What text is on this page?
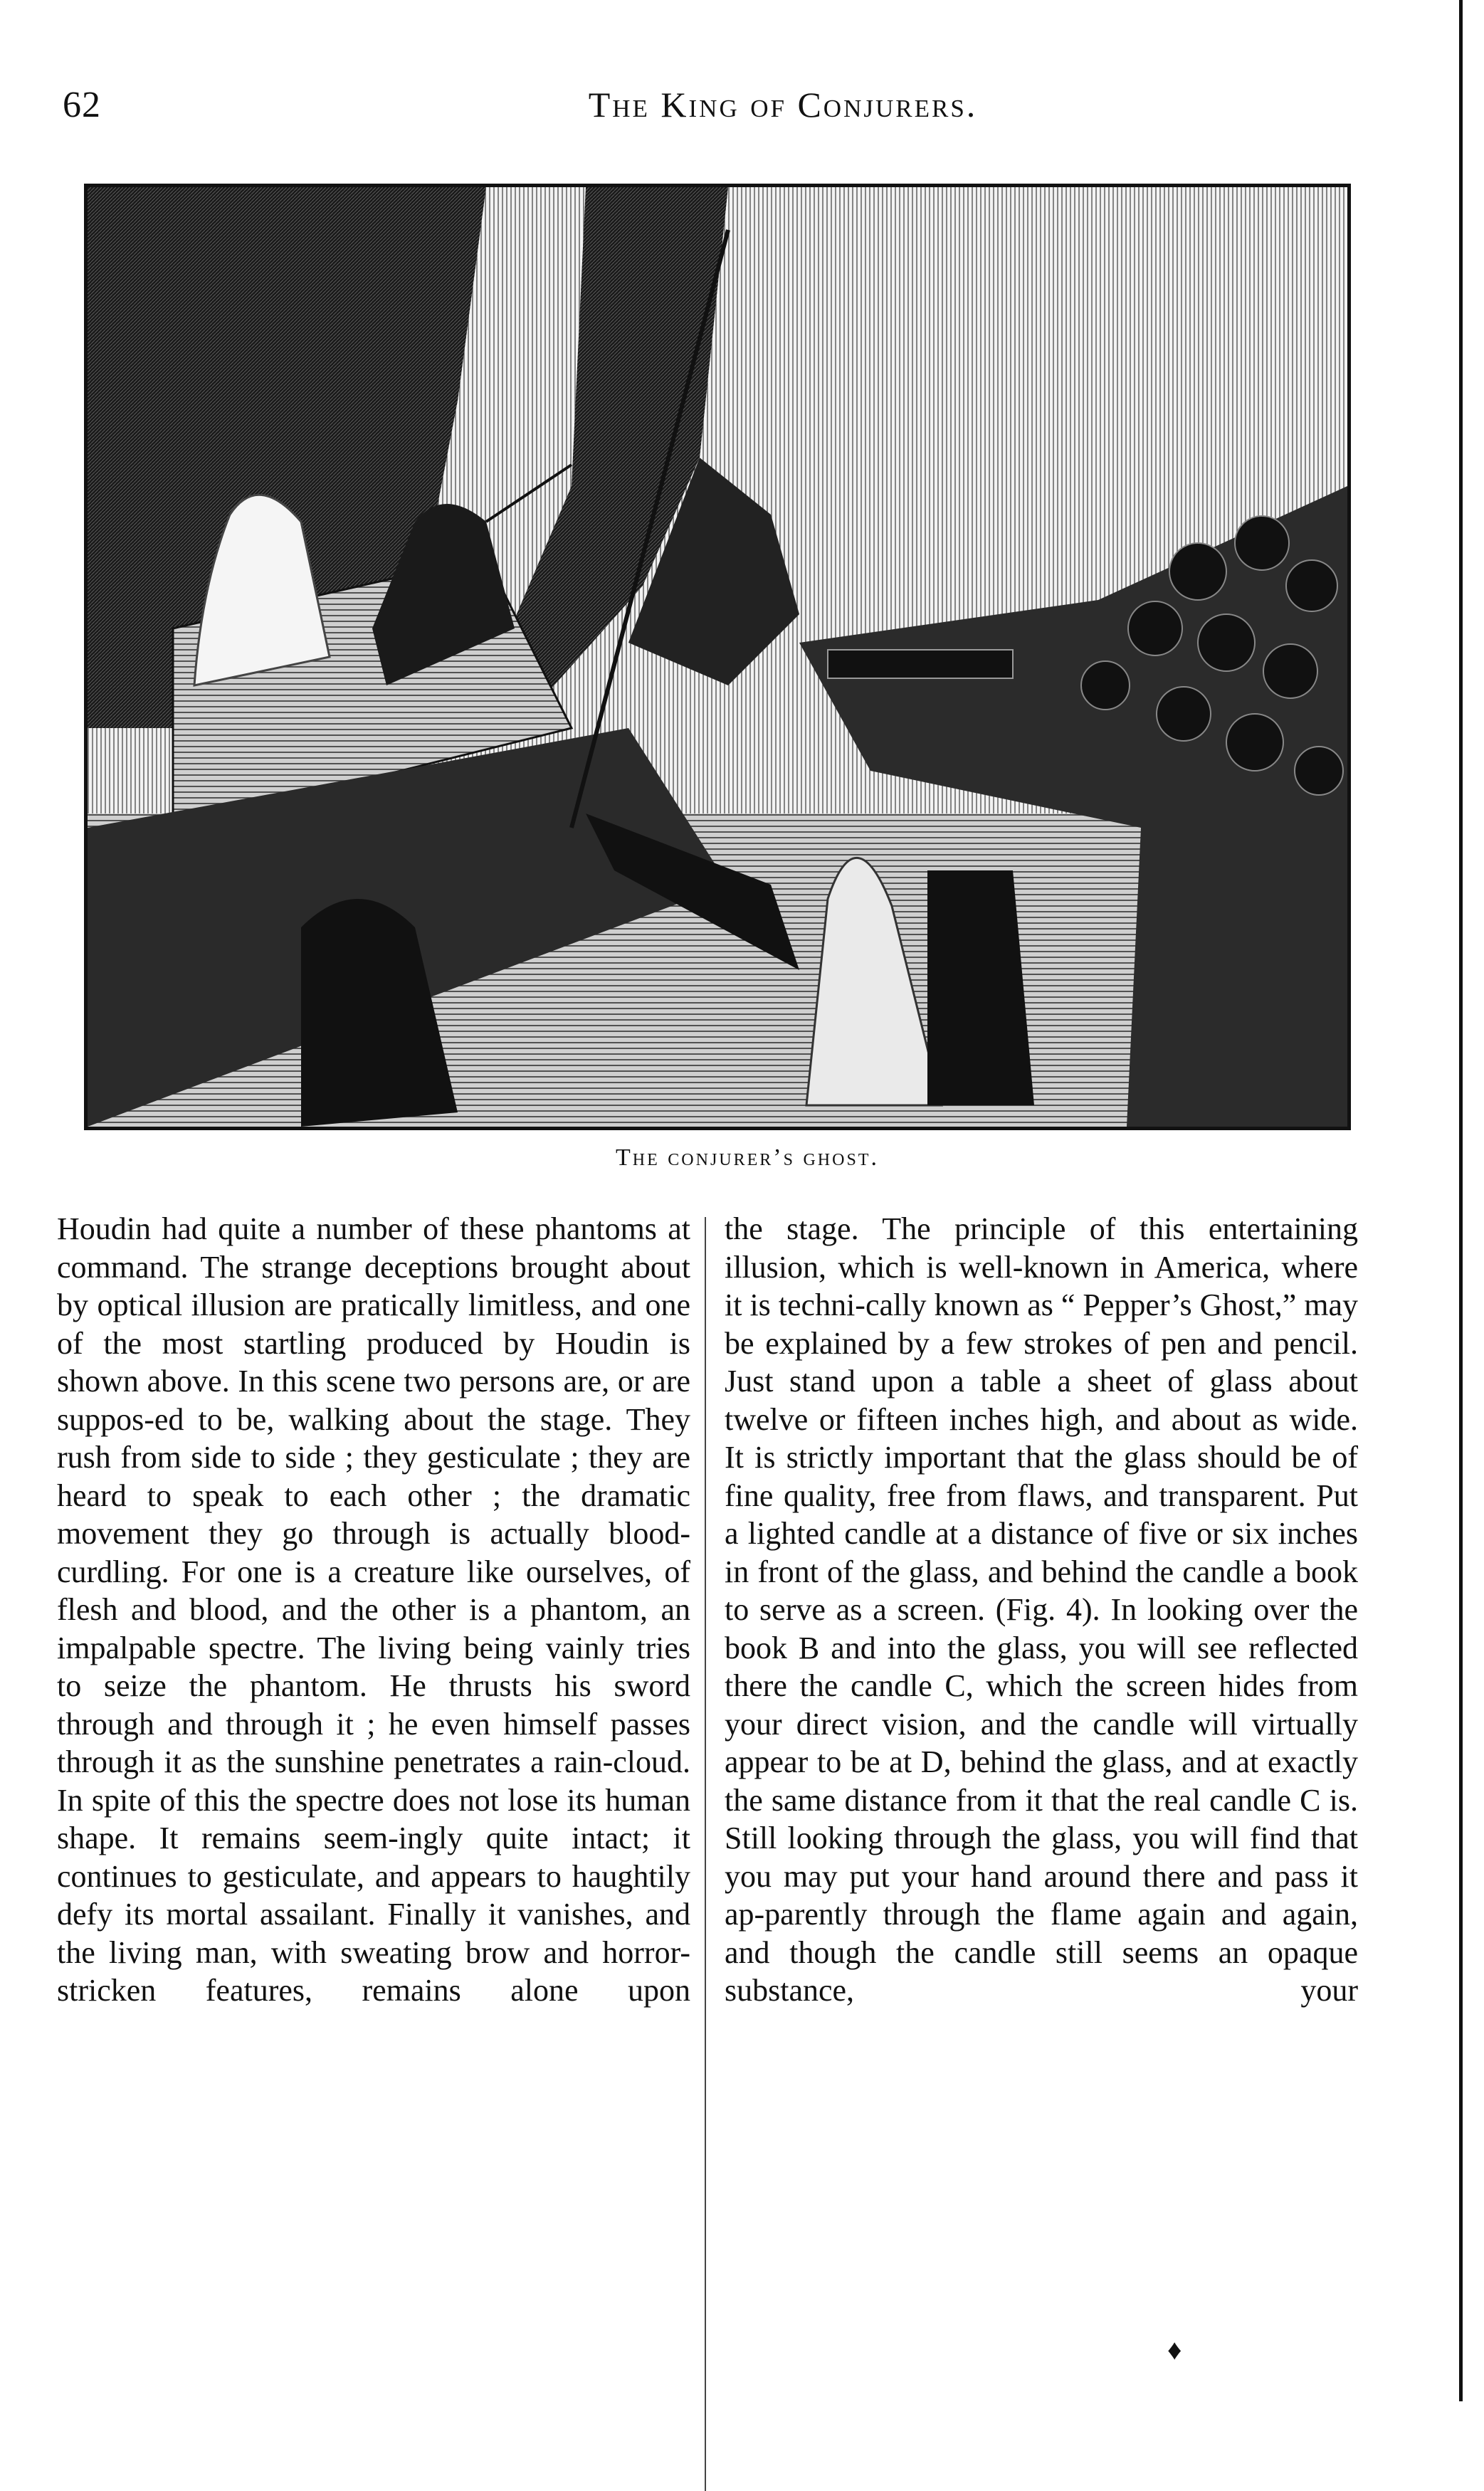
62	The King of Conjurers.
The conjurer’s ghost.

Houdin had quite a number of these phantoms at command. The strange deceptions brought about by optical illusion are pratically limitless, and one of the most startling produced by Houdin is shown above. In this scene two persons are, or are suppos-ed to be, walking about the stage. They rush from side to side ; they gesticulate ; they are heard to speak to each other ; the dramatic movement they go through is actually blood-curdling. For one is a creature like ourselves, of flesh and blood, and the other is a phantom, an impalpable spectre. The living being vainly tries to seize the phantom. He thrusts his sword through and through it ; he even himself passes through it as the sunshine penetrates a rain-cloud. In spite of this the spectre does not lose its human shape. It remains seem-ingly quite intact; it continues to gesticulate, and appears to haughtily defy its mortal assailant. Finally it vanishes, and the living man, with sweating brow and horror-stricken features, remains alone upon

the stage. The principle of this entertaining illusion, which is well-known in America, where it is techni-cally known as “ Pepper’s Ghost,” may be explained by a few strokes of pen and pencil. Just stand upon a table a sheet of glass about twelve or fifteen inches high, and about as wide. It is strictly important that the glass should be of fine quality, free from flaws, and transparent. Put a lighted candle at a distance of five or six inches in front of the glass, and behind the candle a book to serve as a screen. (Fig. 4). In looking over the book B and into the glass, you will see reflected there the candle C, which the screen hides from your direct vision, and the candle will virtually appear to be at D, behind the glass, and at exactly the same distance from it that the real candle C is. Still looking through the glass, you will find that you may put your hand around there and pass it ap-parently through the flame again and again, and though the candle still seems an opaque substance, your

♦
